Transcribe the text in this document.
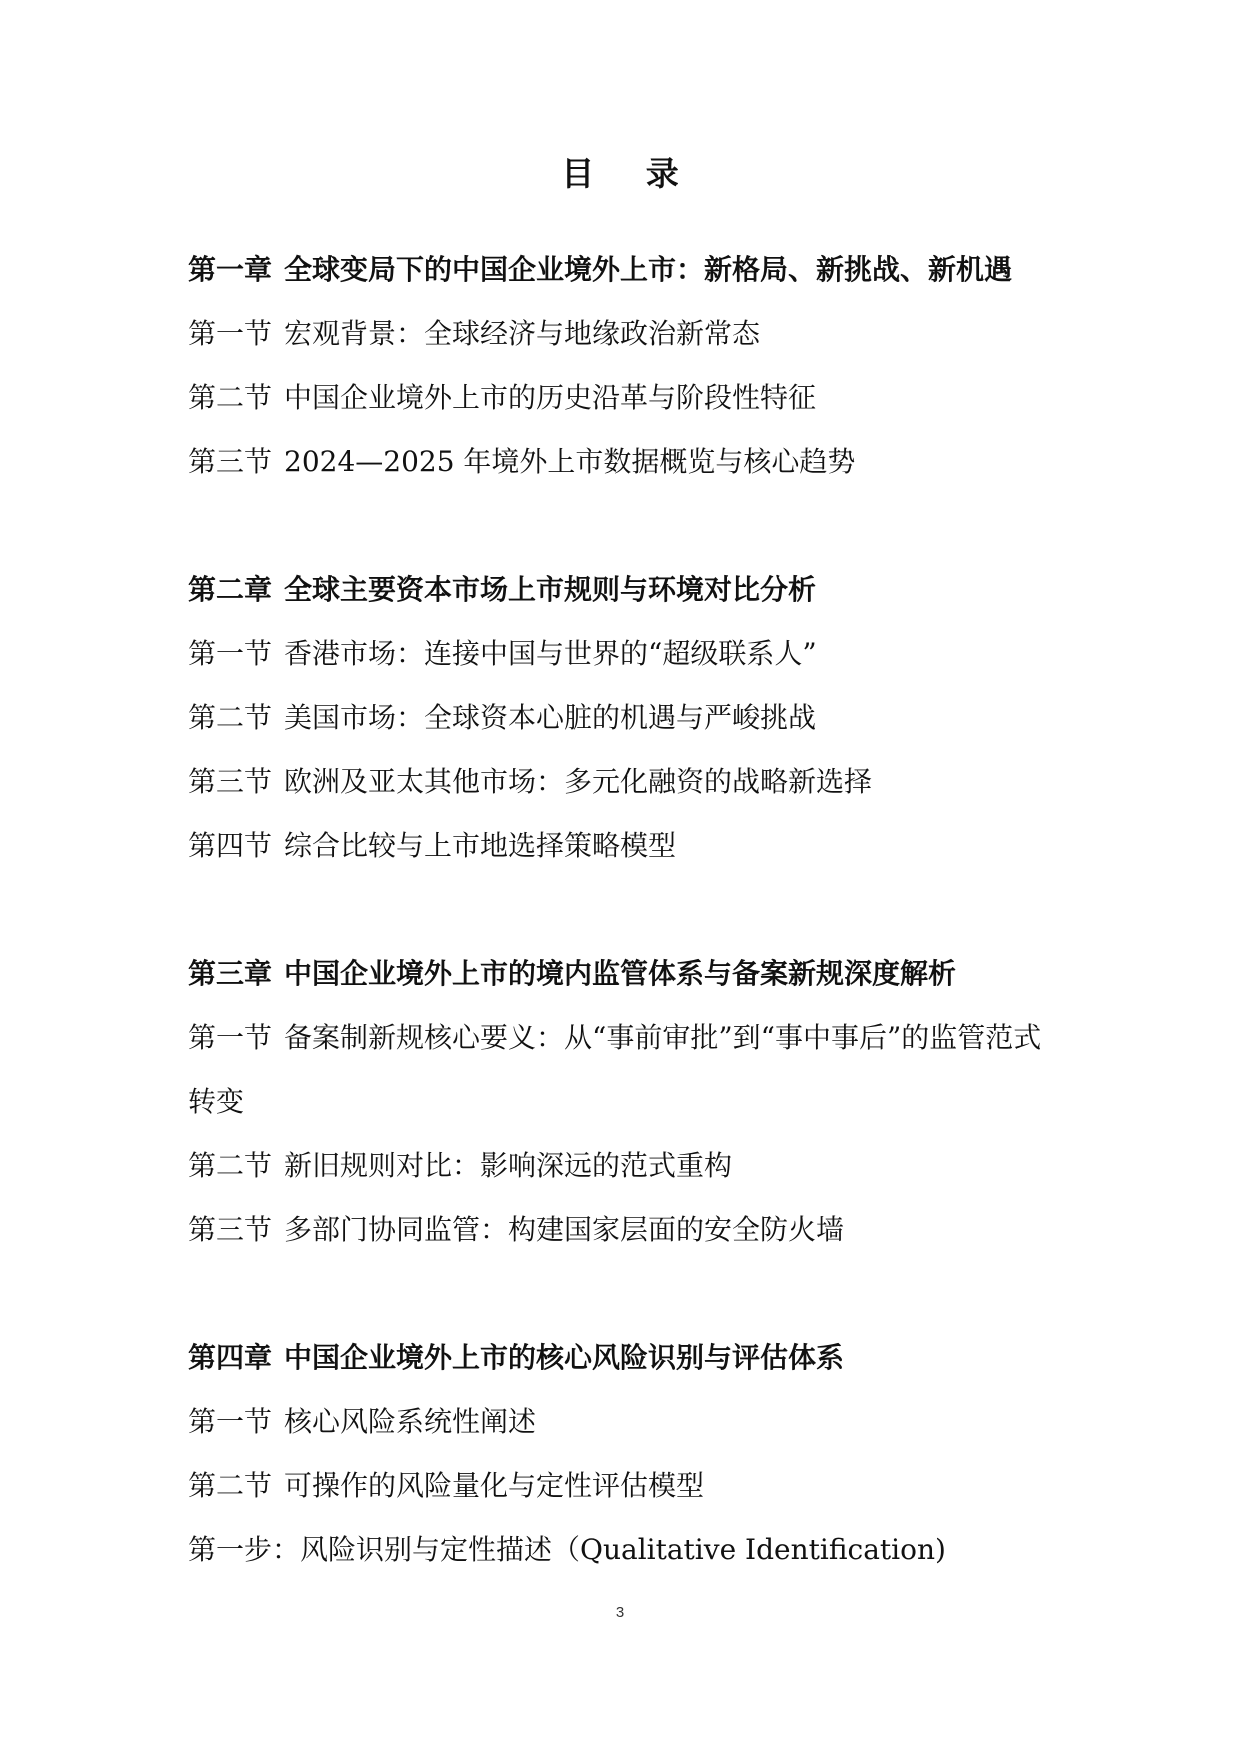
目 录
第一章 全球变局下的中国企业境外上市：新格局、新挑战、新机遇
第一节 宏观背景：全球经济与地缘政治新常态
第二节 中国企业境外上市的历史沿革与阶段性特征
第三节 2024—2025 年境外上市数据概览与核心趋势
第二章 全球主要资本市场上市规则与环境对比分析
第一节 香港市场：连接中国与世界的“超级联系人”
第二节 美国市场：全球资本心脏的机遇与严峻挑战
第三节 欧洲及亚太其他市场：多元化融资的战略新选择
第四节 综合比较与上市地选择策略模型
第三章 中国企业境外上市的境内监管体系与备案新规深度解析
第一节 备案制新规核心要义：从“事前审批”到“事中事后”的监管范式转变
第二节 新旧规则对比：影响深远的范式重构
第三节 多部门协同监管：构建国家层面的安全防火墙
第四章 中国企业境外上市的核心风险识别与评估体系
第一节 核心风险系统性阐述
第二节 可操作的风险量化与定性评估模型
第一步：风险识别与定性描述（Qualitative Identification)
3
